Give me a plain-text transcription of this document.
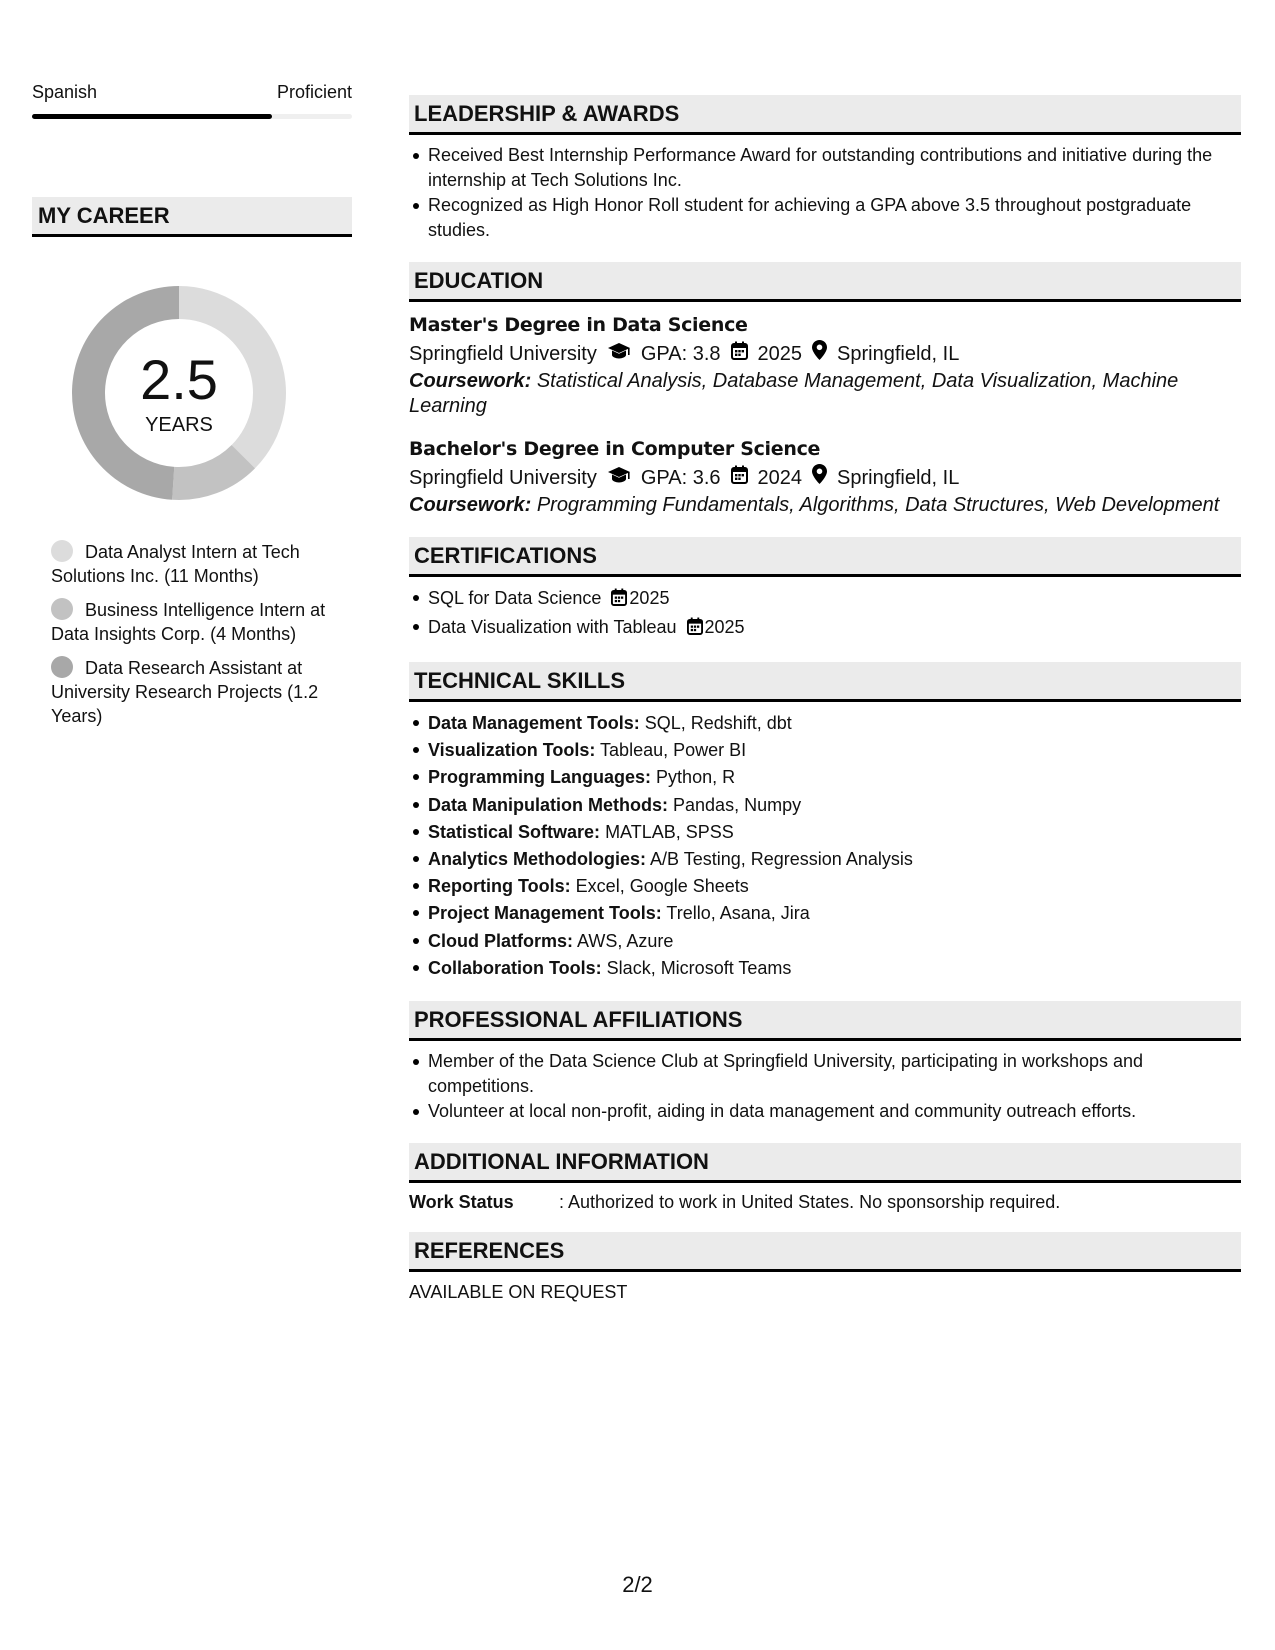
Spanish	Proficient
MY CAREER
2.5
YEARS
Data Analyst Intern at Tech Solutions Inc. (11 Months)
Business Intelligence Intern at Data Insights Corp. (4 Months)
Data Research Assistant at University Research Projects (1.2 Years)
LEADERSHIP & AWARDS
Received Best Internship Performance Award for outstanding contributions and initiative during the internship at Tech Solutions Inc.
Recognized as High Honor Roll student for achieving a GPA above 3.5 throughout postgraduate studies.
EDUCATION
Master's Degree in Data Science
Springfield University GPA: 3.8 2025 Springfield, IL
Coursework: Statistical Analysis, Database Management, Data Visualization, Machine Learning
Bachelor's Degree in Computer Science
Springfield University GPA: 3.6 2024 Springfield, IL
Coursework: Programming Fundamentals, Algorithms, Data Structures, Web Development
CERTIFICATIONS
SQL for Data Science 2025
Data Visualization with Tableau 2025
TECHNICAL SKILLS
Data Management Tools: SQL, Redshift, dbt
Visualization Tools: Tableau, Power BI
Programming Languages: Python, R
Data Manipulation Methods: Pandas, Numpy
Statistical Software: MATLAB, SPSS
Analytics Methodologies: A/B Testing, Regression Analysis
Reporting Tools: Excel, Google Sheets
Project Management Tools: Trello, Asana, Jira
Cloud Platforms: AWS, Azure
Collaboration Tools: Slack, Microsoft Teams
PROFESSIONAL AFFILIATIONS
Member of the Data Science Club at Springfield University, participating in workshops and competitions.
Volunteer at local non-profit, aiding in data management and community outreach efforts.
ADDITIONAL INFORMATION
Work Status	: Authorized to work in United States. No sponsorship required.
REFERENCES
AVAILABLE ON REQUEST
2/2
